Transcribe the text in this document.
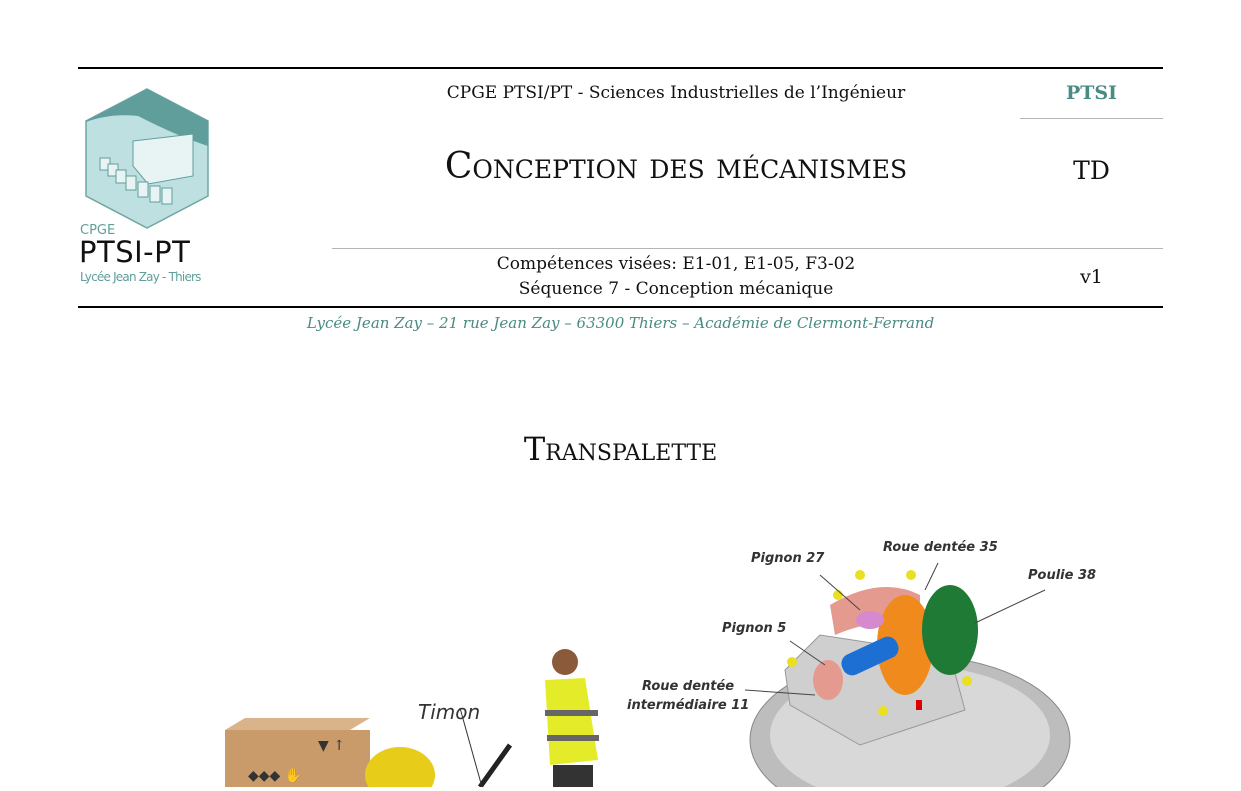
CPGE
PTSI-PT
Lycée Jean Zay - Thiers
CPGE PTSI/PT - Sciences Industrielles de l’Ingénieur	PTSI
Conception des mécanismes	TD
Compétences visées: E1-01, E1-05, F3-02
Séquence 7 - Conception mécanique
v1
Lycée Jean Zay – 21 rue Jean Zay – 63300 Thiers – Académie de Clermont-Ferrand
Transpalette
▼ ↑
◆◆◆ ✋
Timon
Pignon 27
Roue dentée 35
Poulie 38
Pignon 5
Roue dentée
intermédiaire 11
